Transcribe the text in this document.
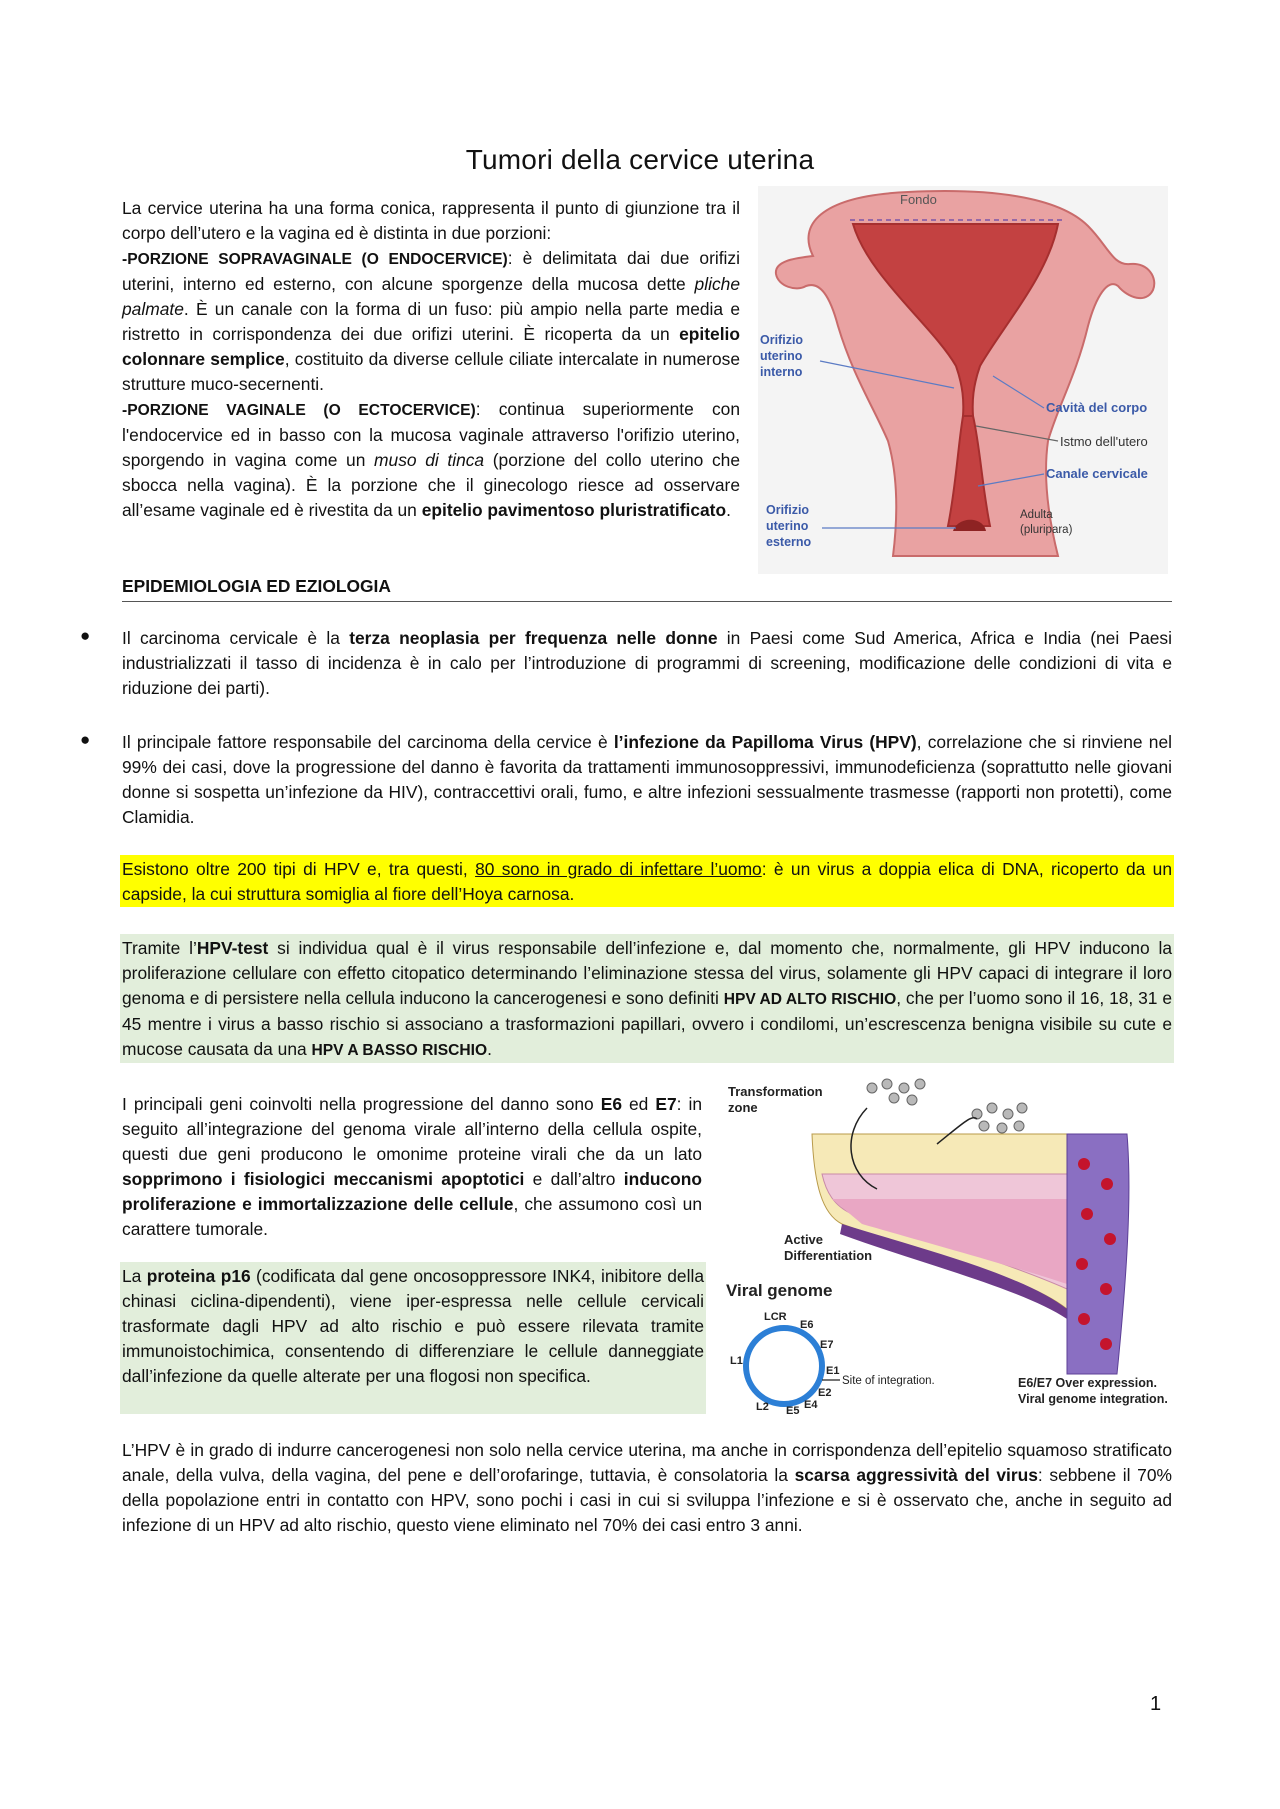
Tumori della cervice uterina

La cervice uterina ha una forma conica, rappresenta il punto di giunzione tra il corpo dell’utero e la vagina ed è distinta in due porzioni:
-PORZIONE SOPRAVAGINALE (O ENDOCERVICE): è delimitata dai due orifizi uterini, interno ed esterno, con alcune sporgenze della mucosa dette pliche palmate. È un canale con la forma di un fuso: più ampio nella parte media e ristretto in corrispondenza dei due orifizi uterini. È ricoperta da un epitelio colonnare semplice, costituito da diverse cellule ciliate intercalate in numerose strutture muco-secernenti.
-PORZIONE VAGINALE (O ECTOCERVICE): continua superiormente con l'endocervice ed in basso con la mucosa vaginale attraverso l'orifizio uterino, sporgendo in vagina come un muso di tinca (porzione del collo uterino che sbocca nella vagina). È la porzione che il ginecologo riesce ad osservare all’esame vaginale ed è rivestita da un epitelio pavimentoso pluristratificato.

Fondo
Orifizio
uterino
interno
Orifizio
uterino
esterno
Cavità del corpo
Istmo dell'utero
Canale cervicale
Adulta
(pluripara)
EPIDEMIOLOGIA ED EZIOLOGIA
● Il carcinoma cervicale è la terza neoplasia per frequenza nelle donne in Paesi come Sud America, Africa e India (nei Paesi industrializzati il tasso di incidenza è in calo per l’introduzione di programmi di screening, modificazione delle condizioni di vita e riduzione dei parti).
● Il principale fattore responsabile del carcinoma della cervice è l’infezione da Papilloma Virus (HPV), correlazione che si rinviene nel 99% dei casi, dove la progressione del danno è favorita da trattamenti immunosoppressivi, immunodeficienza (soprattutto nelle giovani donne si sospetta un’infezione da HIV), contraccettivi orali, fumo, e altre infezioni sessualmente trasmesse (rapporti non protetti), come Clamidia.
Esistono oltre 200 tipi di HPV e, tra questi, 80 sono in grado di infettare l’uomo: è un virus a doppia elica di DNA, ricoperto da un capside, la cui struttura somiglia al fiore dell’Hoya carnosa.
Tramite l’HPV-test si individua qual è il virus responsabile dell’infezione e, dal momento che, normalmente, gli HPV inducono la proliferazione cellulare con effetto citopatico determinando l’eliminazione stessa del virus, solamente gli HPV capaci di integrare il loro genoma e di persistere nella cellula inducono la cancerogenesi e sono definiti HPV AD ALTO RISCHIO, che per l’uomo sono il 16, 18, 31 e 45 mentre i virus a basso rischio si associano a trasformazioni papillari, ovvero i condilomi, un’escrescenza benigna visibile su cute e mucose causata da una HPV A BASSO RISCHIO.
I principali geni coinvolti nella progressione del danno sono E6 ed E7: in seguito all’integrazione del genoma virale all’interno della cellula ospite, questi due geni producono le omonime proteine virali che da un lato sopprimono i fisiologici meccanismi apoptotici e dall’altro inducono proliferazione e immortalizzazione delle cellule, che assumono così un carattere tumorale.
La proteina p16 (codificata dal gene oncosoppressore INK4, inibitore della chinasi ciclina-dipendenti), viene iper-espressa nelle cellule cervicali trasformate dagli HPV ad alto rischio e può essere rilevata tramite immunoistochimica, consentendo di differenziare le cellule danneggiate dall’infezione da quelle alterate per una flogosi non specifica.
Transformation
zone
Active
Differentiation
Viral genome
LCR
E6
E7
E1
E2
E4
E5
L2
L1
Site of integration.	E6/E7 Over expression.
Viral genome integration.
L’HPV è in grado di indurre cancerogenesi non solo nella cervice uterina, ma anche in corrispondenza dell’epitelio squamoso stratificato anale, della vulva, della vagina, del pene e dell’orofaringe, tuttavia, è consolatoria la scarsa aggressività del virus: sebbene il 70% della popolazione entri in contatto con HPV, sono pochi i casi in cui si sviluppa l’infezione e si è osservato che, anche in seguito ad infezione di un HPV ad alto rischio, questo viene eliminato nel 70% dei casi entro 3 anni.
1
